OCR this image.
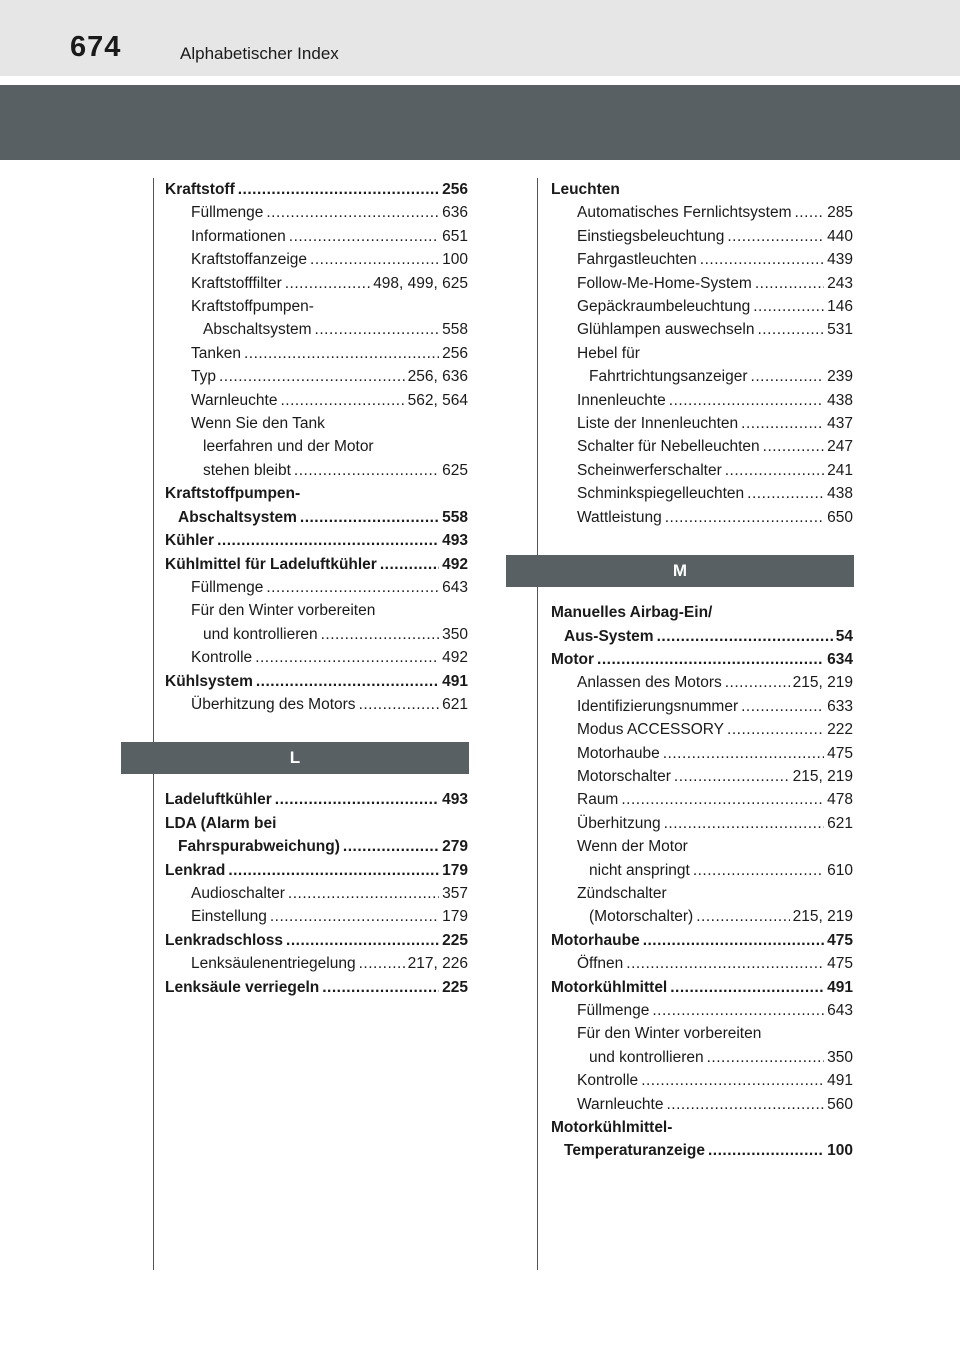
674	Alphabetischer Index
Kraftstoff .....	256
Füllmenge .....	636
Informationen .....	651
Kraftstoffanzeige .....	100
Kraftstofffilter .....	498, 499, 625
Kraftstoffpumpen-
Abschaltsystem .....	558
Tanken .....	256
Typ .....	256, 636
Warnleuchte .....	562, 564
Wenn Sie den Tank
leerfahren und der Motor
stehen bleibt .....	625
Kraftstoffpumpen-
Abschaltsystem .....	558
Kühler .....	493
Kühlmittel für Ladeluftkühler .....	492
Füllmenge .....	643
Für den Winter vorbereiten
und kontrollieren .....	350
Kontrolle .....	492
Kühlsystem .....	491
Überhitzung des Motors .....	621
L
Ladeluftkühler .....	493
LDA (Alarm bei
Fahrspurabweichung) .....	279
Lenkrad .....	179
Audioschalter .....	357
Einstellung .....	179
Lenkradschloss .....	225
Lenksäulenentriegelung .....	217, 226
Lenksäule verriegeln .....	225
Leuchten
Automatisches Fernlichtsystem ..... 285
Einstiegsbeleuchtung .....	440
Fahrgastleuchten .....	439
Follow-Me-Home-System .....	243
Gepäckraumbeleuchtung .....	146
Glühlampen auswechseln .....	531
Hebel für
Fahrtrichtungsanzeiger .....	239
Innenleuchte .....	438
Liste der Innenleuchten .....	437
Schalter für Nebelleuchten .....	247
Scheinwerferschalter .....	241
Schminkspiegelleuchten .....	438
Wattleistung .....	650
M
Manuelles Airbag-Ein/
Aus-System .....	54
Motor .....	634
Anlassen des Motors .....	215, 219
Identifizierungsnummer .....	633
Modus ACCESSORY .....	222
Motorhaube .....	475
Motorschalter .....	215, 219
Raum .....	478
Überhitzung .....	621
Wenn der Motor
nicht anspringt .....	610
Zündschalter
(Motorschalter) .....	215, 219
Motorhaube .....	475
Öffnen .....	475
Motorkühlmittel .....	491
Füllmenge .....	643
Für den Winter vorbereiten
und kontrollieren .....	350
Kontrolle .....	491
Warnleuchte .....	560
Motorkühlmittel-
Temperaturanzeige .....	100
